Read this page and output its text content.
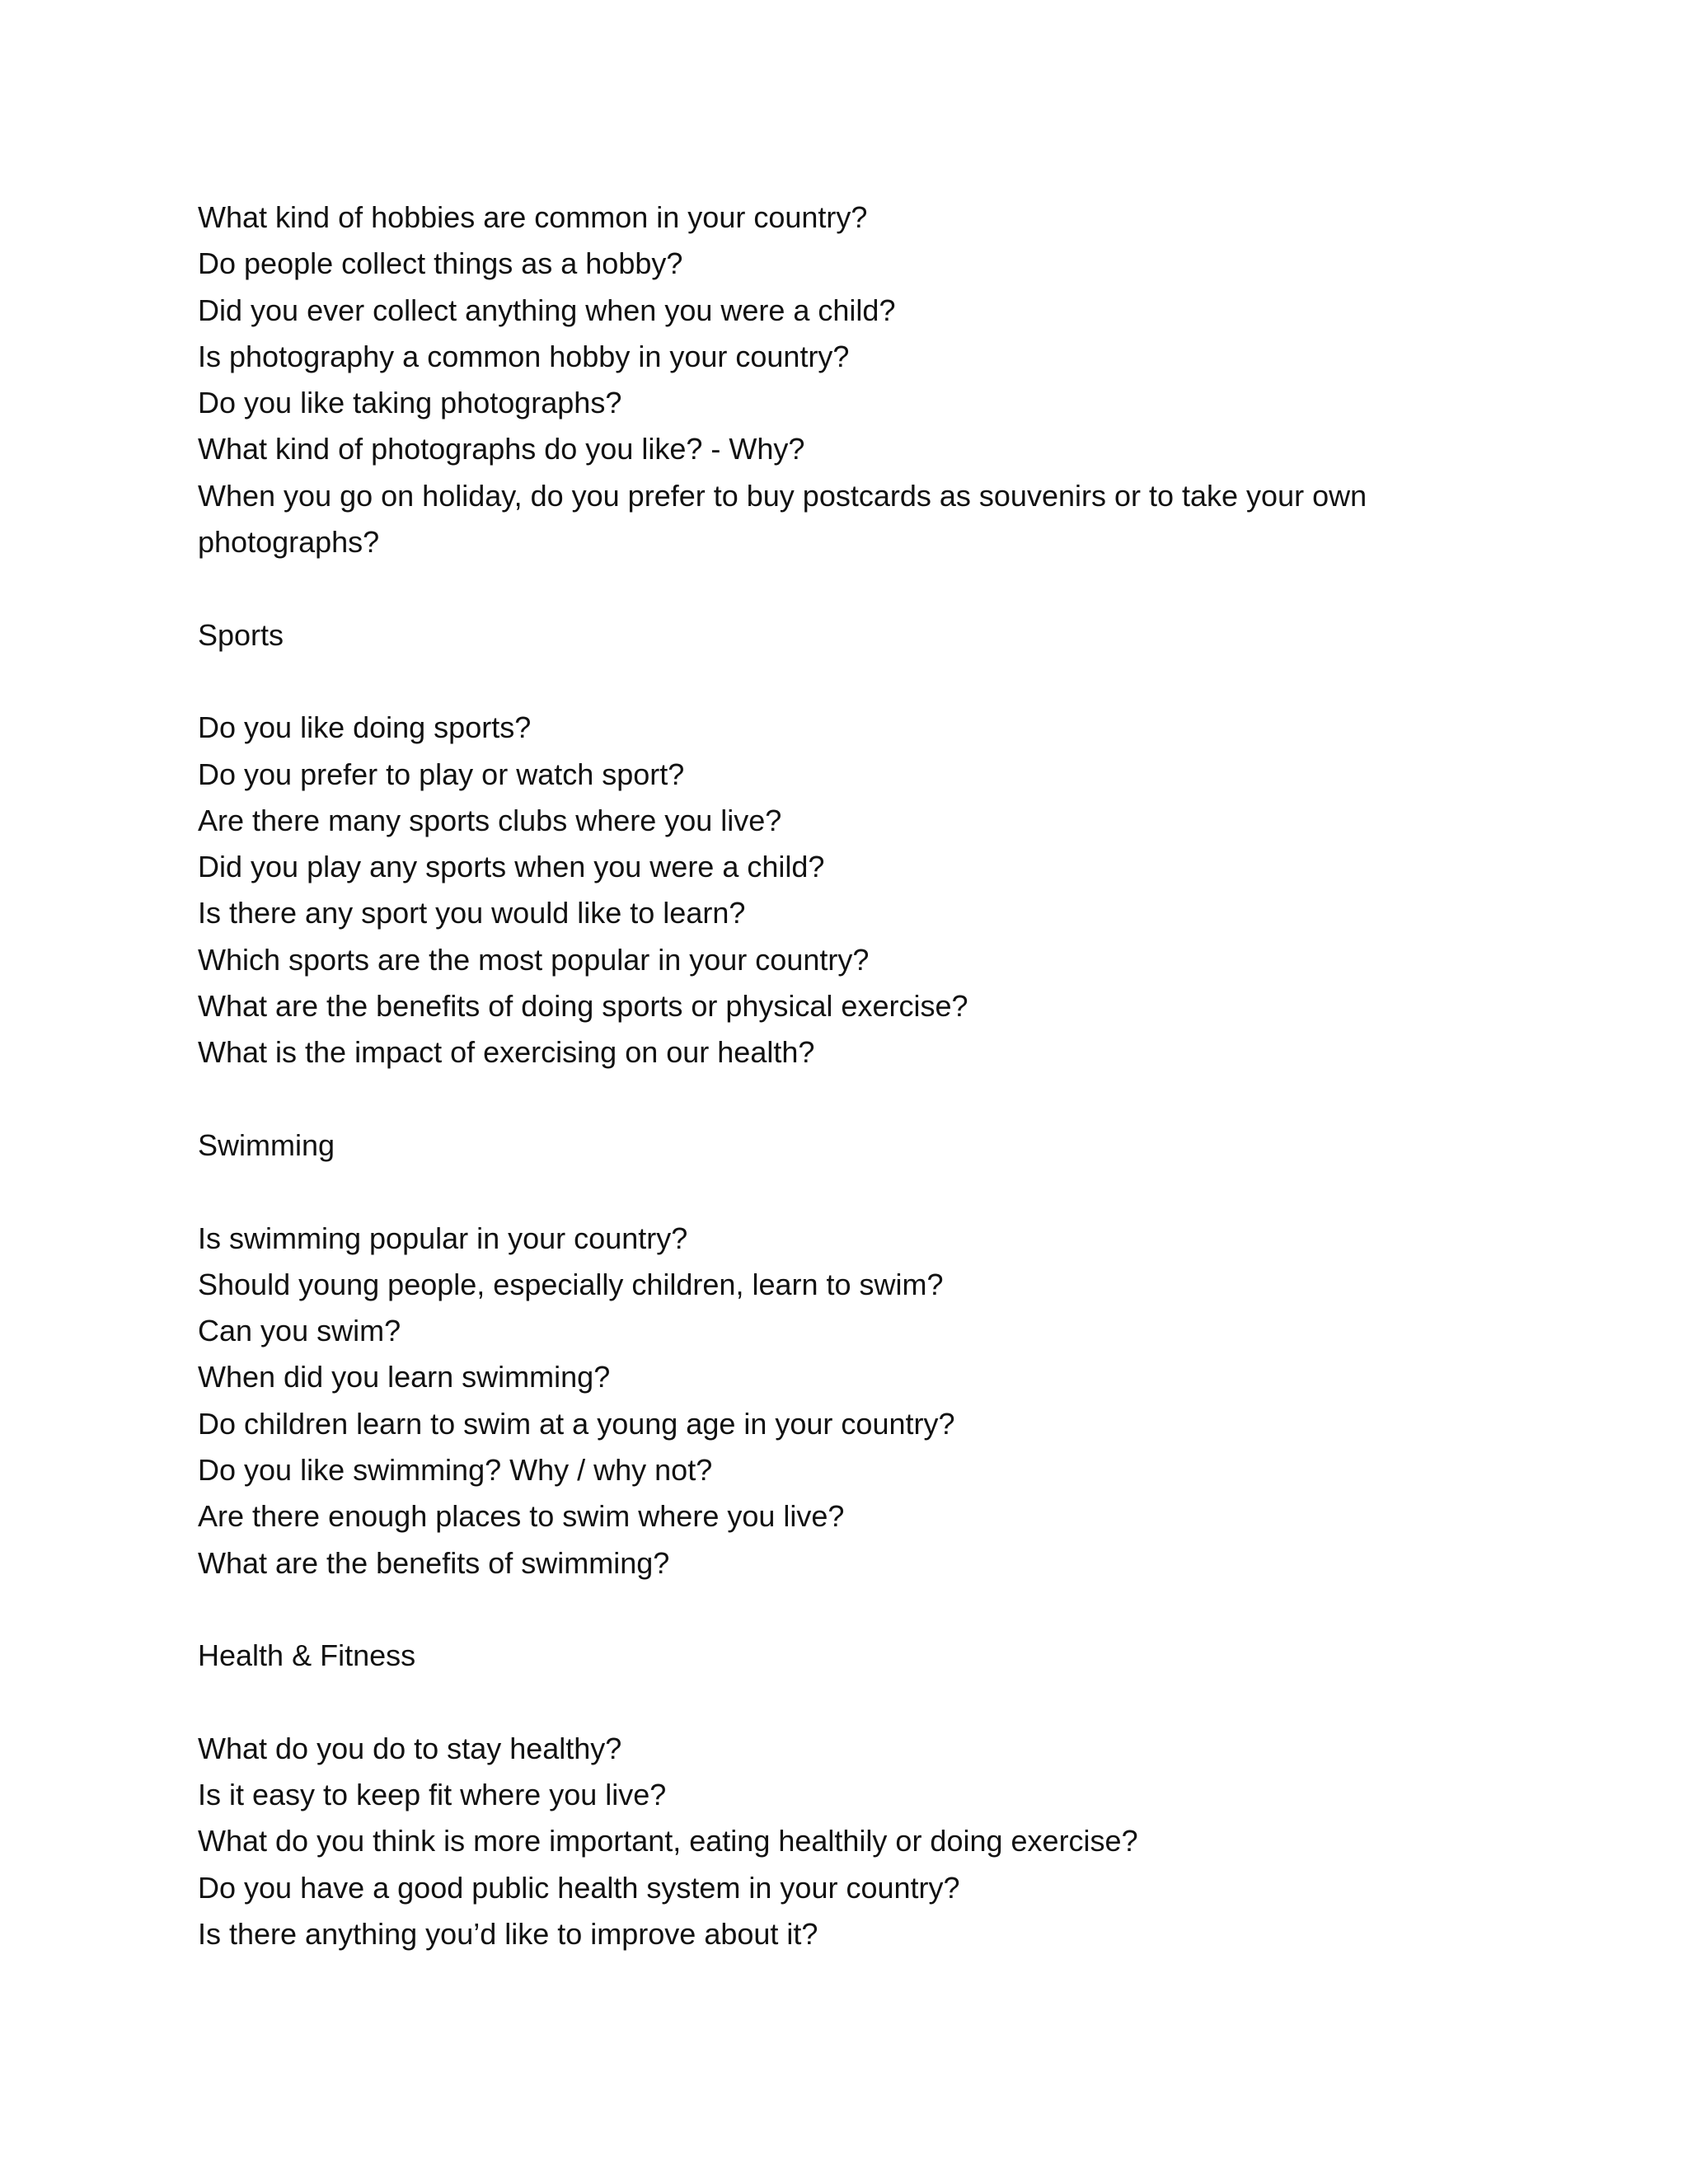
What kind of hobbies are common in your country?
Do people collect things as a hobby?
Did you ever collect anything when you were a child?
Is photography a common hobby in your country?
Do you like taking photographs?
What kind of photographs do you like? - Why?
When you go on holiday, do you prefer to buy postcards as souvenirs or to take your own photographs?
Sports
Do you like doing sports?
Do you prefer to play or watch sport?
Are there many sports clubs where you live?
Did you play any sports when you were a child?
Is there any sport you would like to learn?
Which sports are the most popular in your country?
What are the benefits of doing sports or physical exercise?
What is the impact of exercising on our health?
Swimming
Is swimming popular in your country?
Should young people, especially children, learn to swim?
Can you swim?
When did you learn swimming?
Do children learn to swim at a young age in your country?
Do you like swimming? Why / why not?
Are there enough places to swim where you live?
What are the benefits of swimming?
Health & Fitness
What do you do to stay healthy?
Is it easy to keep fit where you live?
What do you think is more important, eating healthily or doing exercise?
Do you have a good public health system in your country?
Is there anything you’d like to improve about it?
